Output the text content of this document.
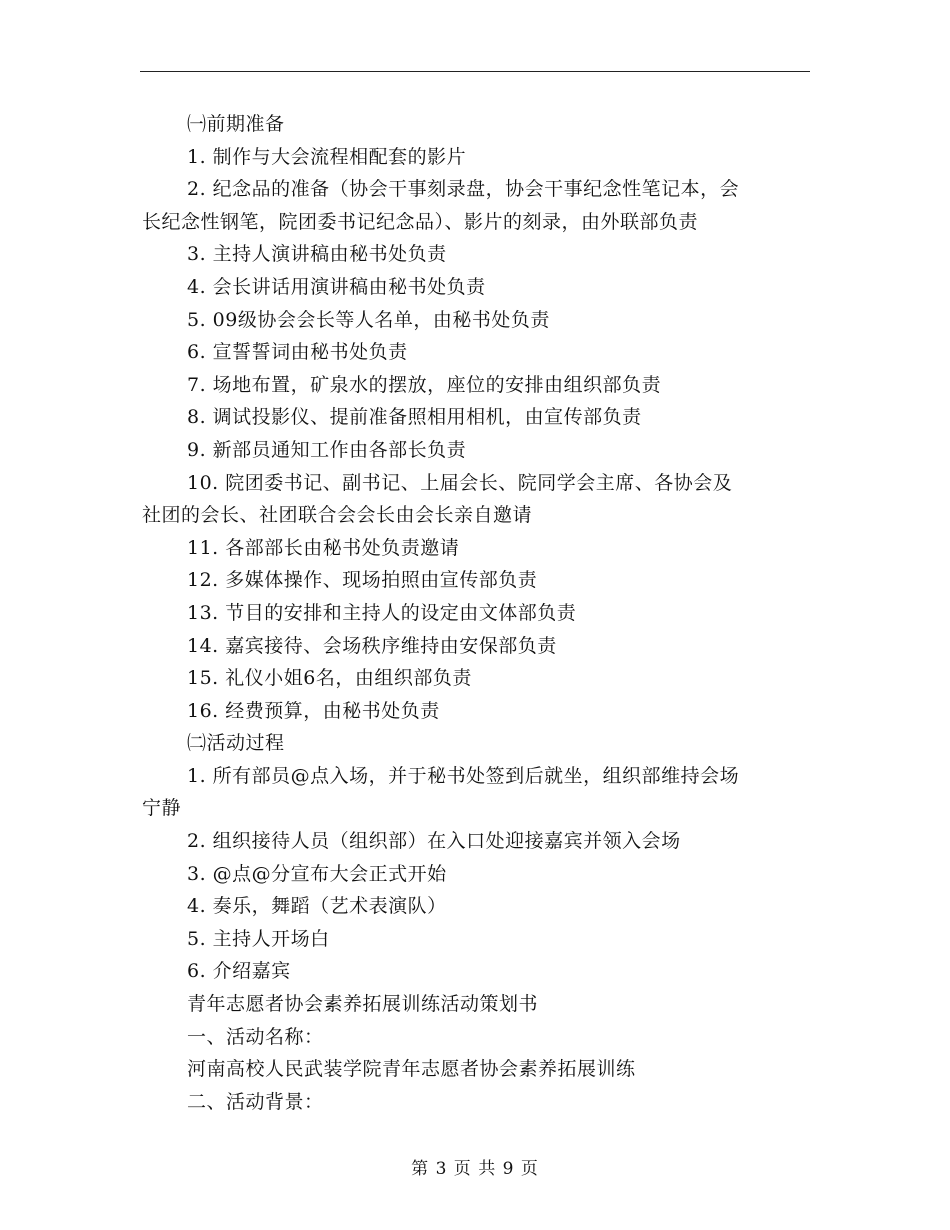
㈠前期准备
1. 制作与大会流程相配套的影片
2. 纪念品的准备（协会干事刻录盘，协会干事纪念性笔记本，会
长纪念性钢笔，院团委书记纪念品）、影片的刻录，由外联部负责
3. 主持人演讲稿由秘书处负责
4. 会长讲话用演讲稿由秘书处负责
5. 09级协会会长等人名单，由秘书处负责
6. 宣誓誓词由秘书处负责
7. 场地布置，矿泉水的摆放，座位的安排由组织部负责
8. 调试投影仪、提前准备照相用相机，由宣传部负责
9. 新部员通知工作由各部长负责
10. 院团委书记、副书记、上届会长、院同学会主席、各协会及
社团的会长、社团联合会会长由会长亲自邀请
11. 各部部长由秘书处负责邀请
12. 多媒体操作、现场拍照由宣传部负责
13. 节目的安排和主持人的设定由文体部负责
14. 嘉宾接待、会场秩序维持由安保部负责
15. 礼仪小姐6名，由组织部负责
16. 经费预算，由秘书处负责
㈡活动过程
1. 所有部员@点入场，并于秘书处签到后就坐，组织部维持会场
宁静
2. 组织接待人员（组织部）在入口处迎接嘉宾并领入会场
3. @点@分宣布大会正式开始
4. 奏乐，舞蹈（艺术表演队）
5. 主持人开场白
6. 介绍嘉宾
青年志愿者协会素养拓展训练活动策划书
一、活动名称：
河南高校人民武装学院青年志愿者协会素养拓展训练
二、活动背景：
第 3 页 共 9 页
